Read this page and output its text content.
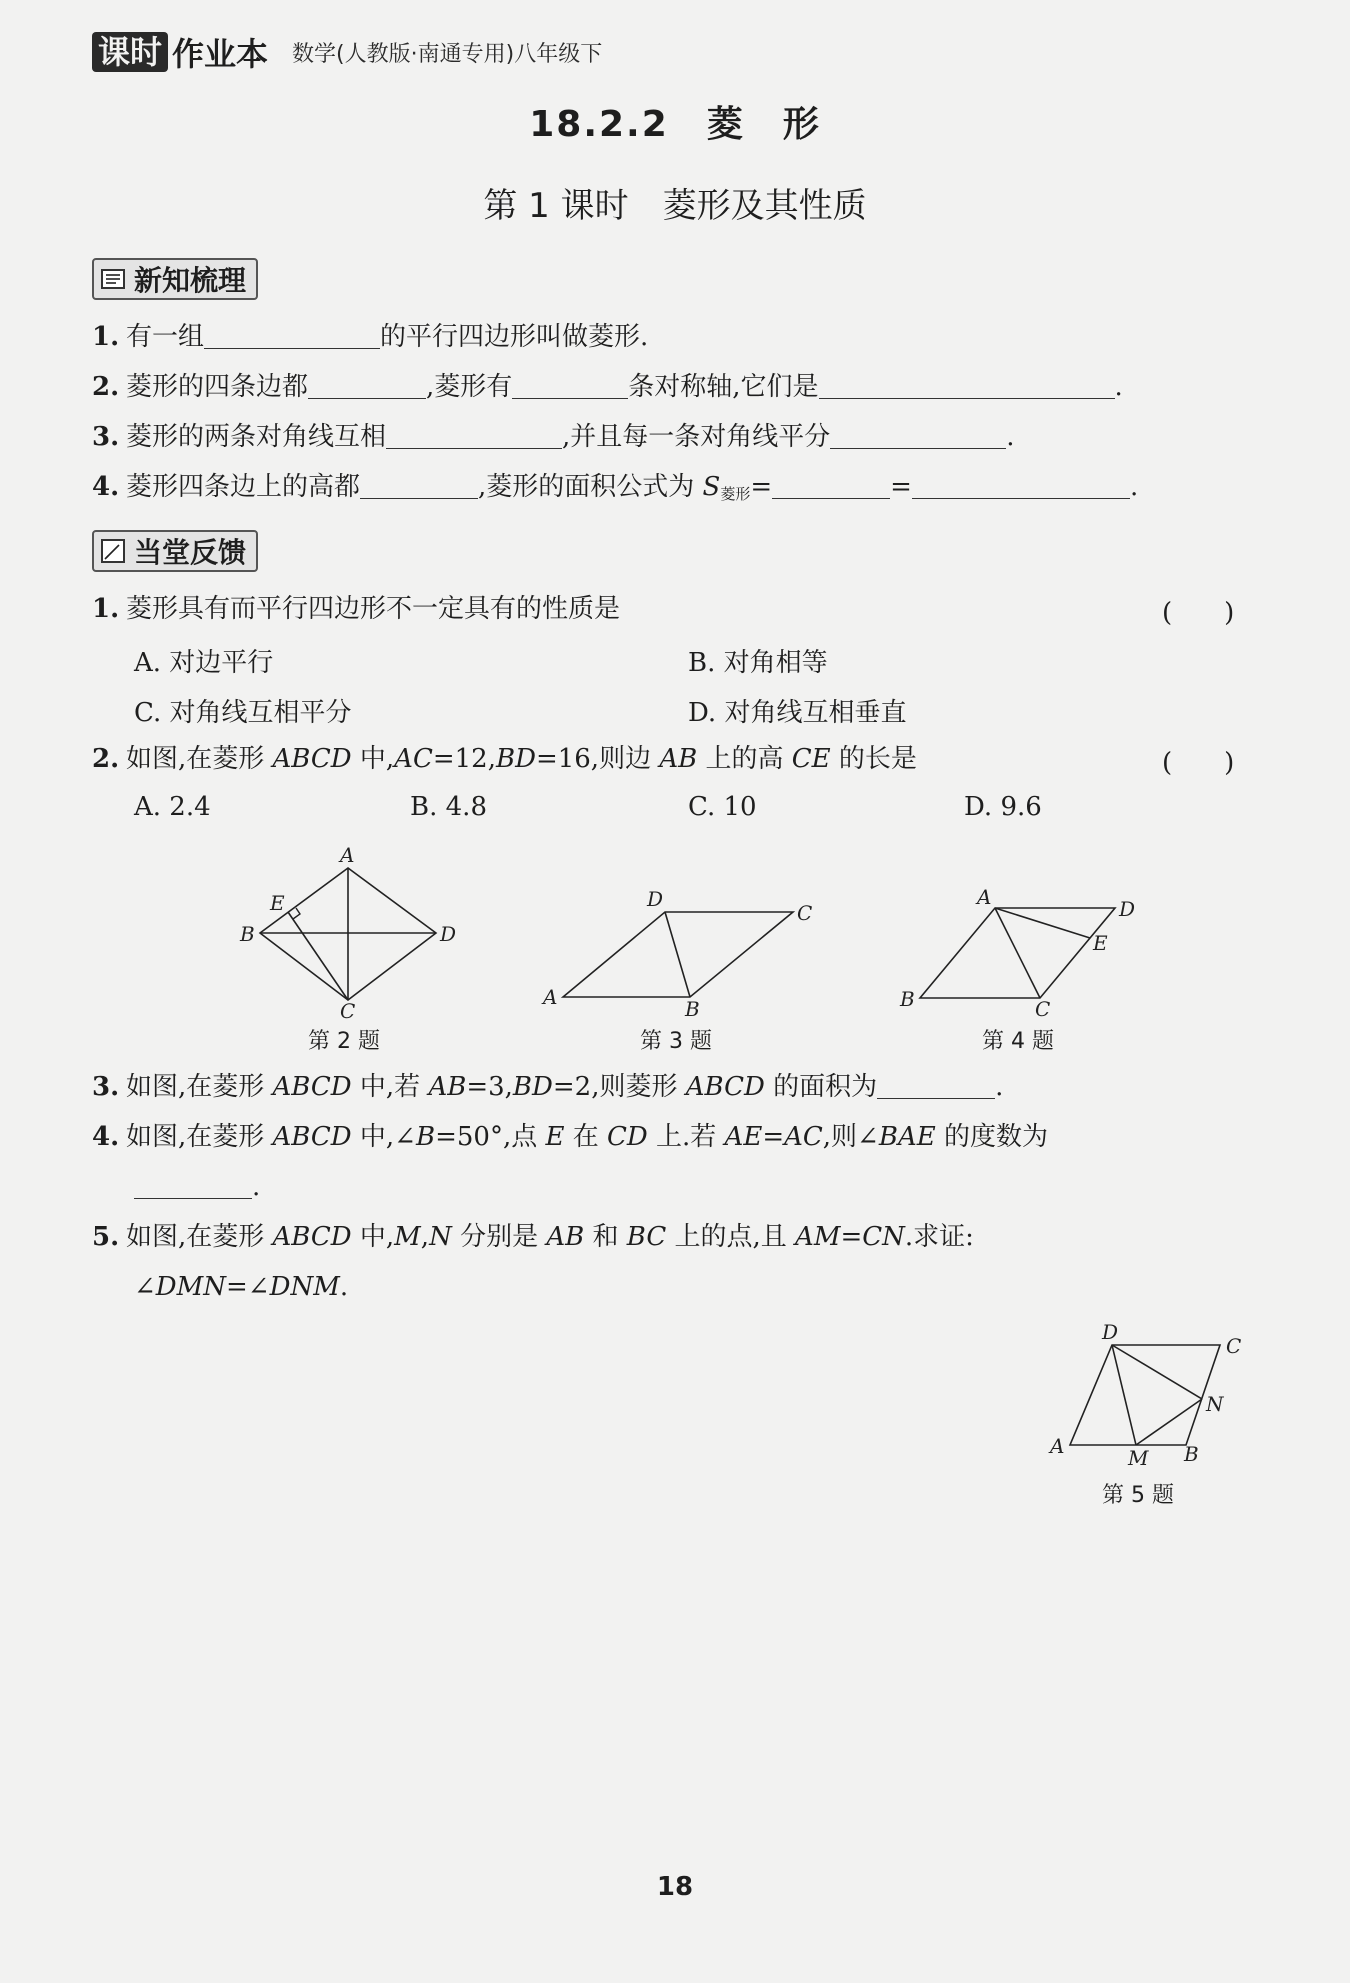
课时 作业本 数学(人教版·南通专用)八年级下
18.2.2　菱　形
第 1 课时　菱形及其性质
新知梳理
1. 有一组	的平行四边形叫做菱形.
2. 菱形的四条边都	,菱形有	条对称轴,它们是	.
3. 菱形的两条对角线互相	,并且每一条对角线平分	.
4. 菱形四条边上的高都	,菱形的面积公式为 $S_{菱形}=$	=	.
当堂反馈
1. 菱形具有而平行四边形不一定具有的性质是	(　　)
A. 对边平行	B. 对角相等
C. 对角线互相平分	D. 对角线互相垂直
2. 如图,在菱形 ABCD 中,AC=12,BD=16,则边 AB 上的高 CE 的长是	(　　)
A. 2.4	B. 4.8	C. 10	D. 9.6
A
B
C
D
E
第 2 题
D
C
A	B
第 3 题
A	D
E
B	C
第 4 题
3. 如图,在菱形 ABCD 中,若 AB=3,BD=2,则菱形 ABCD 的面积为	.
4. 如图,在菱形 ABCD 中,∠B=50°,点 E 在 CD 上.若 AE=AC,则∠BAE 的度数为
.
5. 如图,在菱形 ABCD 中,M,N 分别是 AB 和 BC 上的点,且 AM=CN.求证:
∠DMN=∠DNM.
D
C
N
A	M B
第 5 题
18
